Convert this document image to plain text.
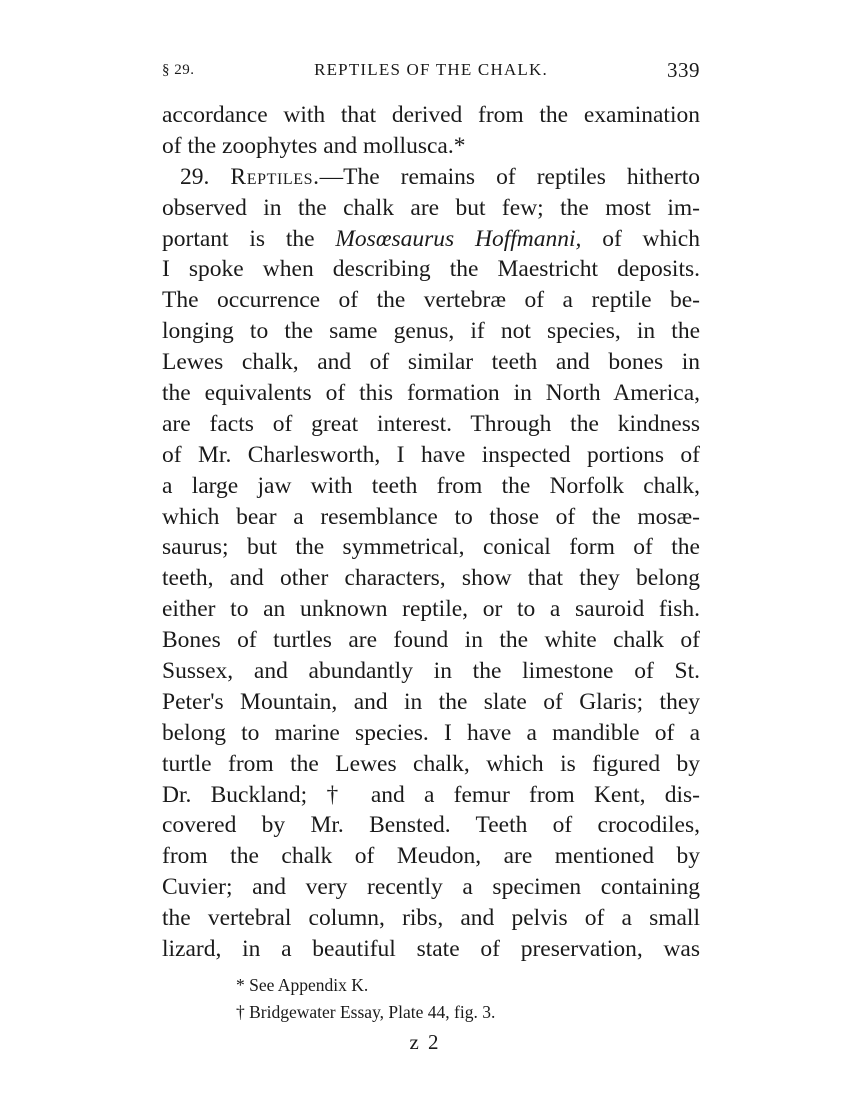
§ 29.	REPTILES OF THE CHALK.	339
accordance with that derived from the examination
of the zoophytes and mollusca.*
29. Reptiles.—The remains of reptiles hitherto
observed in the chalk are but few; the most im-
portant is the Mosœsaurus Hoffmanni, of which
I spoke when describing the Maestricht deposits.
The occurrence of the vertebræ of a reptile be-
longing to the same genus, if not species, in the
Lewes chalk, and of similar teeth and bones in
the equivalents of this formation in North America,
are facts of great interest. Through the kindness
of Mr. Charlesworth, I have inspected portions of
a large jaw with teeth from the Norfolk chalk,
which bear a resemblance to those of the mosæ-
saurus; but the symmetrical, conical form of the
teeth, and other characters, show that they belong
either to an unknown reptile, or to a sauroid fish.
Bones of turtles are found in the white chalk of
Sussex, and abundantly in the limestone of St.
Peter's Mountain, and in the slate of Glaris; they
belong to marine species. I have a mandible of a
turtle from the Lewes chalk, which is figured by
Dr. Buckland; † and a femur from Kent, dis-
covered by Mr. Bensted. Teeth of crocodiles,
from the chalk of Meudon, are mentioned by
Cuvier; and very recently a specimen containing
the vertebral column, ribs, and pelvis of a small
lizard, in a beautiful state of preservation, was
* See Appendix K.
† Bridgewater Essay, Plate 44, fig. 3.
z 2
